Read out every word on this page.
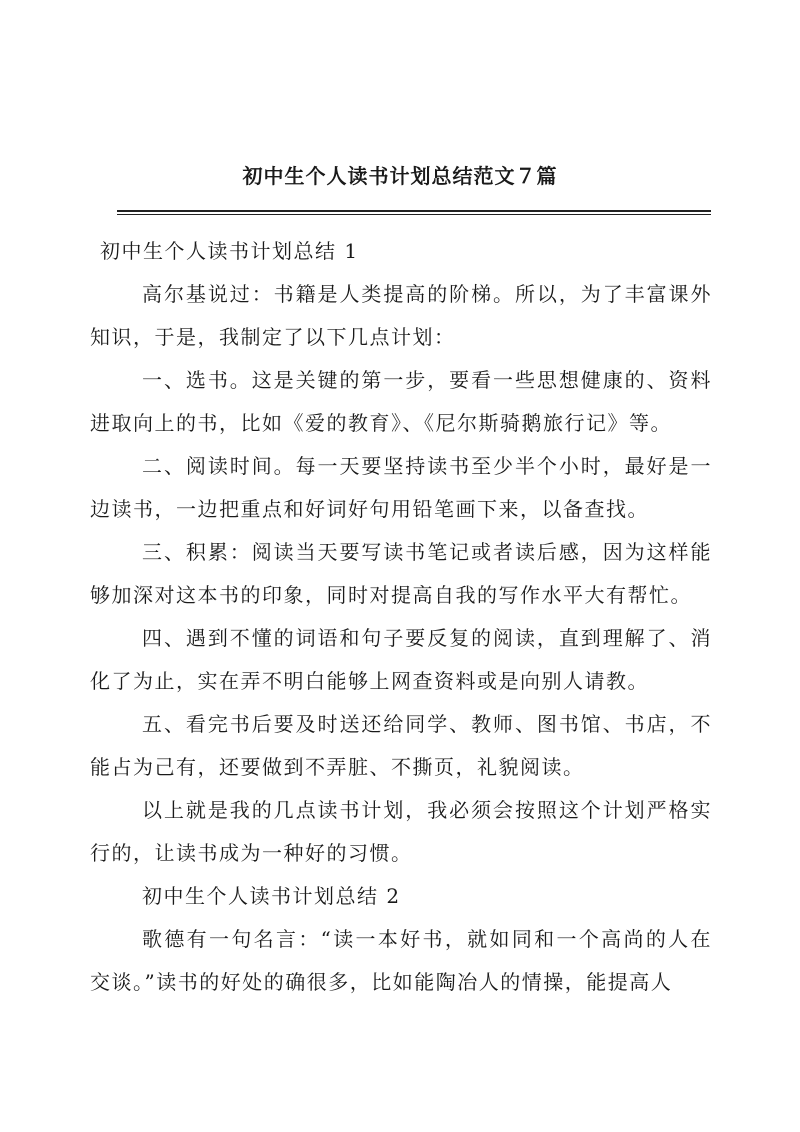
初中生个人读书计划总结范文７篇

初中生个人读书计划总结 1

高尔基说过：书籍是人类提高的阶梯。所以，为了丰富课外知识，于是，我制定了以下几点计划：

一、选书。这是关键的第一步，要看一些思想健康的、资料进取向上的书，比如《爱的教育》、《尼尔斯骑鹅旅行记》等。

二、阅读时间。每一天要坚持读书至少半个小时，最好是一边读书，一边把重点和好词好句用铅笔画下来，以备查找。

三、积累：阅读当天要写读书笔记或者读后感，因为这样能够加深对这本书的印象，同时对提高自我的写作水平大有帮忙。

四、遇到不懂的词语和句子要反复的阅读，直到理解了、消化了为止，实在弄不明白能够上网查资料或是向别人请教。

五、看完书后要及时送还给同学、教师、图书馆、书店，不能占为己有，还要做到不弄脏、不撕页，礼貌阅读。

以上就是我的几点读书计划，我必须会按照这个计划严格实行的，让读书成为一种好的习惯。

初中生个人读书计划总结 2

歌德有一句名言：“读一本好书，就如同和一个高尚的人在交谈。”读书的好处的确很多，比如能陶冶人的情操，能提高人
